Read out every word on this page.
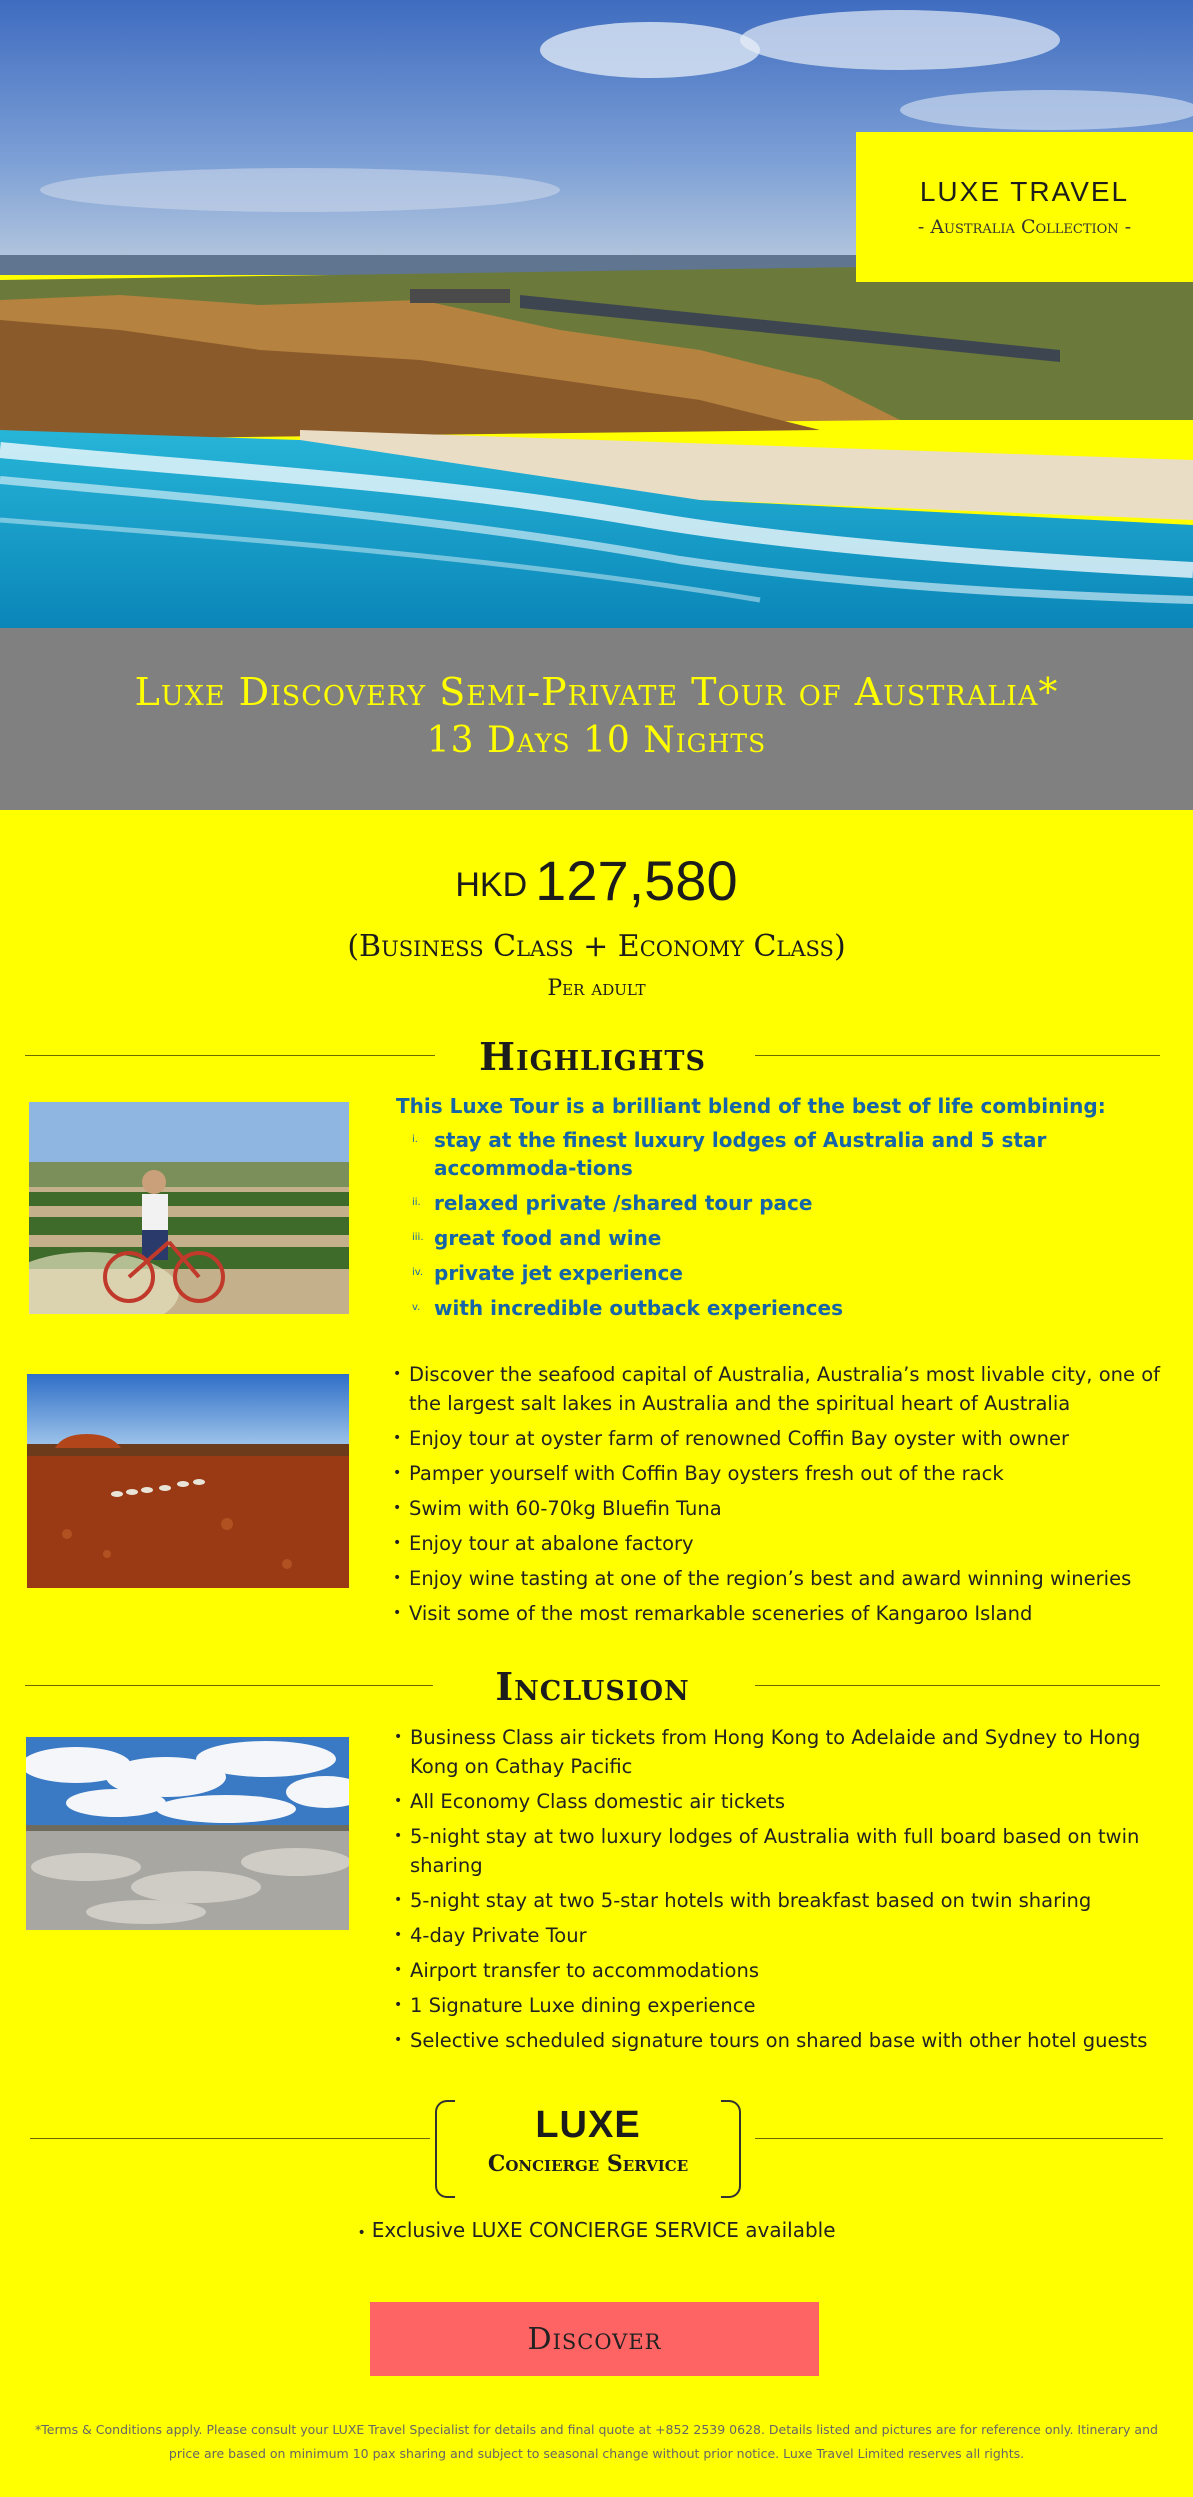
LUXE TRAVEL
- Australia Collection -
Luxe Discovery Semi-Private Tour of Australia*
13 Days 10 Nights
HKD 127,580
(Business Class + Economy Class)
Per adult
Highlights
This Luxe Tour is a brilliant blend of the best of life combining:
i. stay at the finest luxury lodges of Australia and 5 star accommoda-tions
ii. relaxed private /shared tour pace
iii. great food and wine
iv. private jet experience
v. with incredible outback experiences
• Discover the seafood capital of Australia, Australia’s most livable city, one of the largest salt lakes in Australia and the spiritual heart of Australia
• Enjoy tour at oyster farm of renowned Coffin Bay oyster with owner
• Pamper yourself with Coffin Bay oysters fresh out of the rack
• Swim with 60-70kg Bluefin Tuna
• Enjoy tour at abalone factory
• Enjoy wine tasting at one of the region’s best and award winning wineries
• Visit some of the most remarkable sceneries of Kangaroo Island
Inclusion
• Business Class air tickets from Hong Kong to Adelaide and Sydney to Hong Kong on Cathay Pacific
• All Economy Class domestic air tickets
• 5-night stay at two luxury lodges of Australia with full board based on twin sharing
• 5-night stay at two 5-star hotels with breakfast based on twin sharing
• 4-day Private Tour
• Airport transfer to accommodations
• 1 Signature Luxe dining experience
• Selective scheduled signature tours on shared base with other hotel guests
LUXE
Concierge Service
• Exclusive LUXE CONCIERGE SERVICE available
Discover
*Terms & Conditions apply. Please consult your LUXE Travel Specialist for details and final quote at +852 2539 0628. Details listed and pictures are for reference only. Itinerary and price are based on minimum 10 pax sharing and subject to seasonal change without prior notice. Luxe Travel Limited reserves all rights.
